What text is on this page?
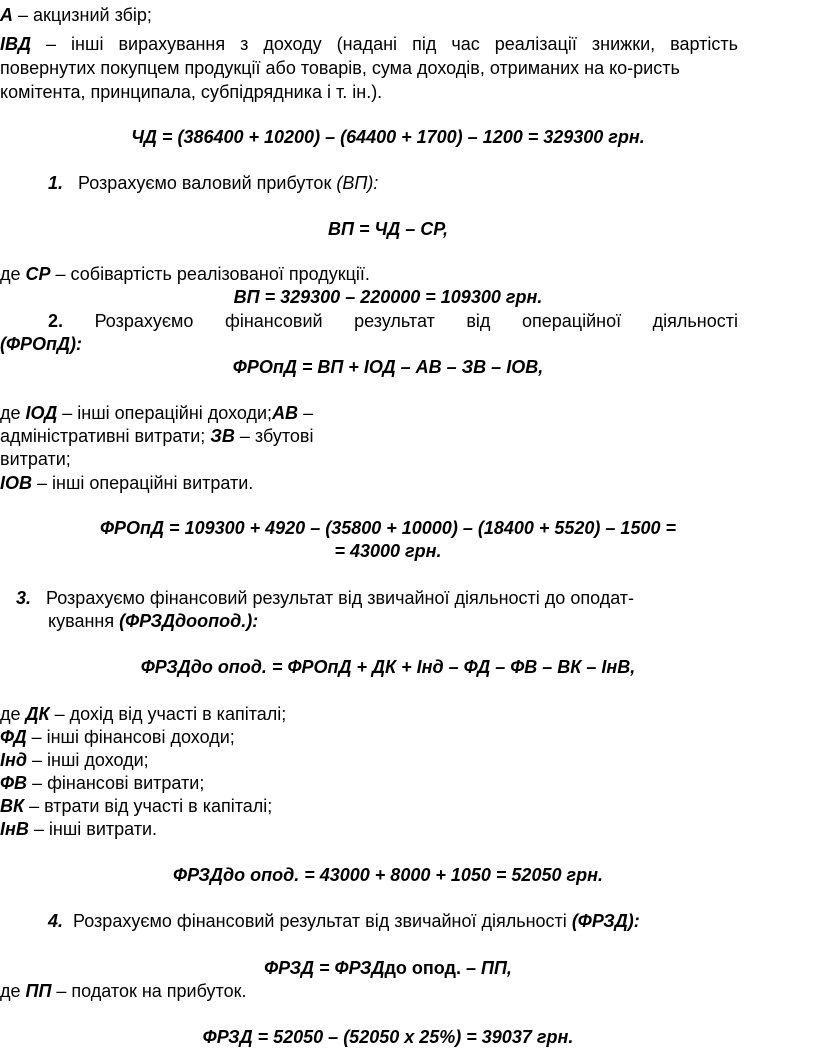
А – акцизний збір;
ІВД – інші вирахування з доходу (надані під час реалізації знижки, вартість
повернутих покупцем продукції або товарів, сума доходів, отриманих на ко-ристь
комітента, принципала, субпідрядника і т. ін.).
ЧД = (386400 + 10200) – (64400 + 1700) – 1200 = 329300 грн.
1. Розрахуємо валовий прибуток (ВП):
ВП = ЧД – СР,
де СР – собівартість реалізованої продукції.
ВП = 329300 – 220000 = 109300 грн.
2. Розрахуємо фінансовий результат від операційної діяльності
(ФРОпД):
ФРОпД = ВП + ІОД – АВ – ЗВ – ІОВ,
де ІОД – інші операційні доходи;АВ –
адміністративні витрати; ЗВ – збутові
витрати;
ІОВ – інші операційні витрати.
ФРОпД = 109300 + 4920 – (35800 + 10000) – (18400 + 5520) – 1500 =
= 43000 грн.
3. Розрахуємо фінансовий результат від звичайної діяльності до оподат-
кування (ФРЗДдоопод.):
ФРЗДдо опод. = ФРОпД + ДК + Інд – ФД – ФВ – ВК – ІнВ,
де ДК – дохід від участі в капіталі;
ФД – інші фінансові доходи;
Інд – інші доходи;
ФВ – фінансові витрати;
ВК – втрати від участі в капіталі;
ІнВ – інші витрати.
ФРЗДдо опод. = 43000 + 8000 + 1050 = 52050 грн.
4. Розрахуємо фінансовий результат від звичайної діяльності (ФРЗД):
ФРЗД = ФРЗДдо опод. – ПП,
де ПП – податок на прибуток.
ФРЗД = 52050 – (52050 х 25%) = 39037 грн.
